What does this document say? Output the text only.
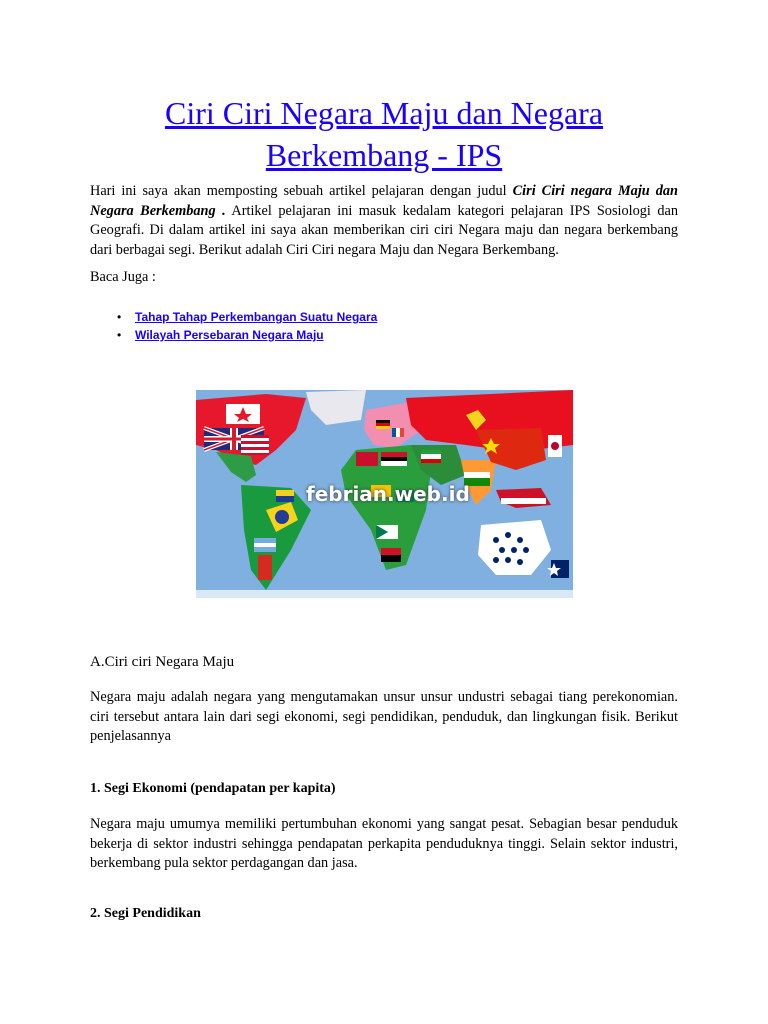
Ciri Ciri Negara Maju dan Negara Berkembang - IPS

Hari ini saya akan memposting sebuah artikel pelajaran dengan judul Ciri Ciri negara Maju dan Negara Berkembang . Artikel pelajaran ini masuk kedalam kategori pelajaran IPS Sosiologi dan Geografi. Di dalam artikel ini saya akan memberikan ciri ciri Negara maju dan negara berkembang dari berbagai segi. Berikut adalah Ciri Ciri negara Maju dan Negara Berkembang.

Baca Juga :

• Tahap Tahap Perkembangan Suatu Negara
• Wilayah Persebaran Negara Maju
febrian.web.id

A.Ciri ciri Negara Maju

Negara maju adalah negara yang mengutamakan unsur unsur undustri sebagai tiang perekonomian. ciri tersebut antara lain dari segi ekonomi, segi pendidikan, penduduk, dan lingkungan fisik. Berikut penjelasannya

1. Segi Ekonomi (pendapatan per kapita)

Negara maju umumya memiliki pertumbuhan ekonomi yang sangat pesat. Sebagian besar penduduk bekerja di sektor industri sehingga pendapatan perkapita penduduknya tinggi. Selain sektor industri, berkembang pula sektor perdagangan dan jasa.

2. Segi Pendidikan
